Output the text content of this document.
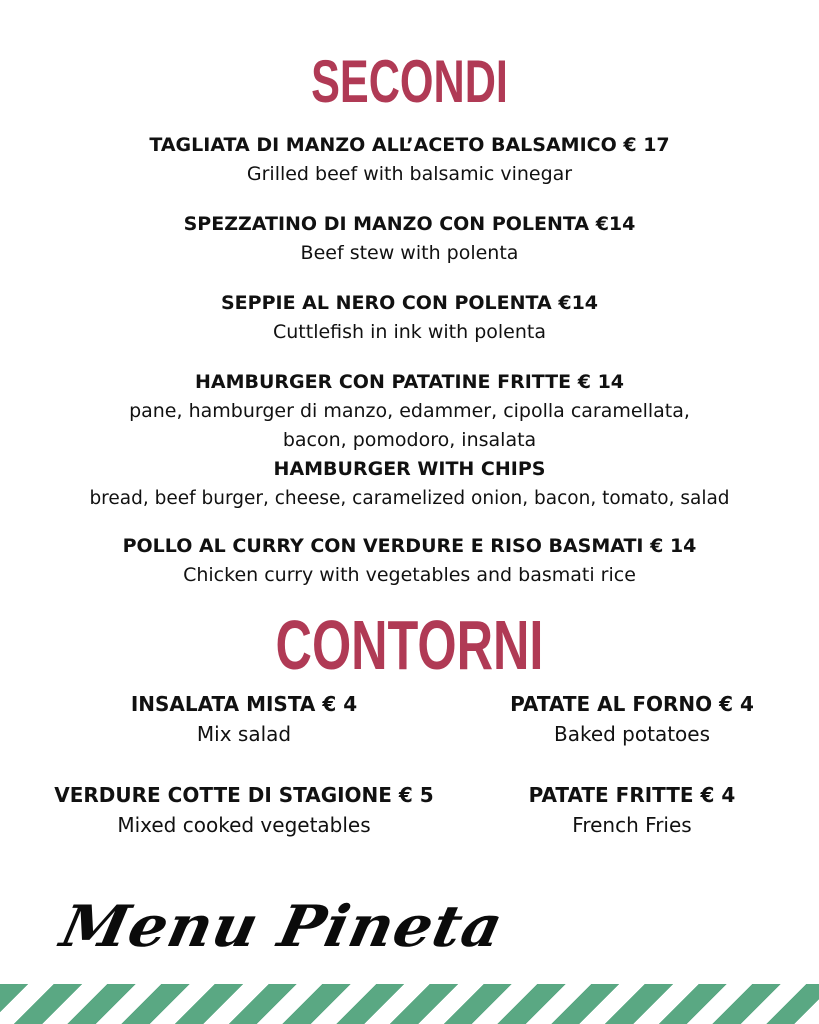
SECONDI
TAGLIATA DI MANZO ALL’ACETO BALSAMICO € 17
Grilled beef with balsamic vinegar
SPEZZATINO DI MANZO CON POLENTA €14
Beef stew with polenta
SEPPIE AL NERO CON POLENTA €14
Cuttlefish in ink with polenta
HAMBURGER CON PATATINE FRITTE € 14
pane, hamburger di manzo, edammer, cipolla caramellata,
bacon, pomodoro, insalata
HAMBURGER WITH CHIPS
bread, beef burger, cheese, caramelized onion, bacon, tomato, salad
POLLO AL CURRY CON VERDURE E RISO BASMATI € 14
Chicken curry with vegetables and basmati rice
CONTORNI
INSALATA MISTA € 4
Mix salad
PATATE AL FORNO € 4
Baked potatoes
VERDURE COTTE DI STAGIONE € 5
Mixed cooked vegetables
PATATE FRITTE € 4
French Fries
Menu Pineta
